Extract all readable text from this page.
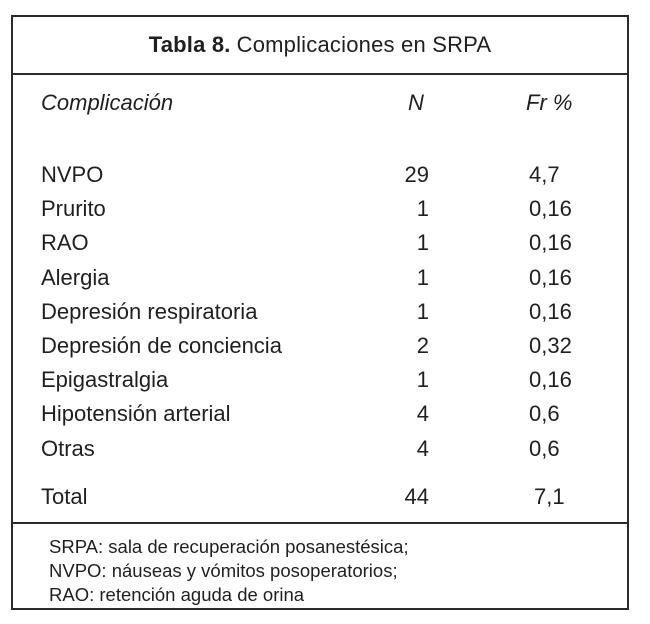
Tabla 8. Complicaciones en SRPA
Complicación	N	Fr %
NVPO	29	4,7
Prurito	1	0,16
RAO	1	0,16
Alergia	1	0,16
Depresión respiratoria	1	0,16
Depresión de conciencia	2	0,32
Epigastralgia	1	0,16
Hipotensión arterial	4	0,6
Otras	4	0,6
Total	44	7,1
SRPA: sala de recuperación posanestésica;
NVPO: náuseas y vómitos posoperatorios;
RAO: retención aguda de orina
